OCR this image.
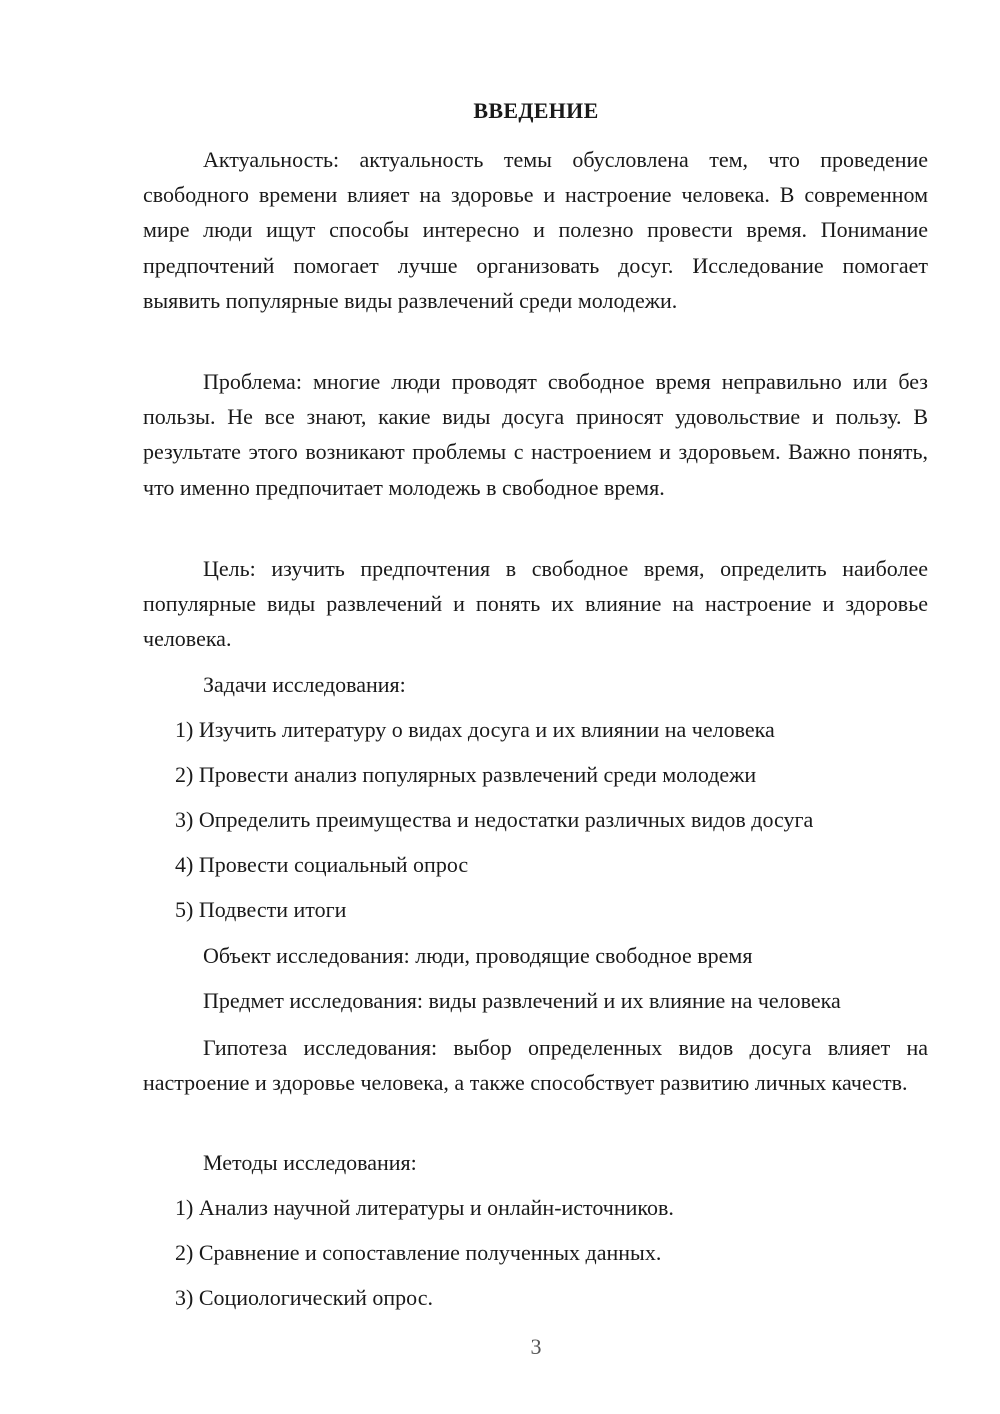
ВВЕДЕНИЕ

Актуальность: актуальность темы обусловлена тем, что проведение свободного времени влияет на здоровье и настроение человека. В современном мире люди ищут способы интересно и полезно провести время. Понимание предпочтений помогает лучше организовать досуг. Исследование помогает выявить популярные виды развлечений среди молодежи.

Проблема: многие люди проводят свободное время неправильно или без пользы. Не все знают, какие виды досуга приносят удовольствие и пользу. В результате этого возникают проблемы с настроением и здоровьем. Важно понять, что именно предпочитает молодежь в свободное время.

Цель: изучить предпочтения в свободное время, определить наиболее популярные виды развлечений и понять их влияние на настроение и здоровье человека.

Задачи исследования:

1) Изучить литературу о видах досуга и их влиянии на человека

2) Провести анализ популярных развлечений среди молодежи

3) Определить преимущества и недостатки различных видов досуга

4) Провести социальный опрос

5) Подвести итоги

Объект исследования: люди, проводящие свободное время

Предмет исследования: виды развлечений и их влияние на человека

Гипотеза исследования: выбор определенных видов досуга влияет на настроение и здоровье человека, а также способствует развитию личных качеств.

Методы исследования:

1) Анализ научной литературы и онлайн-источников.

2) Сравнение и сопоставление полученных данных.

3) Социологический опрос.

3
